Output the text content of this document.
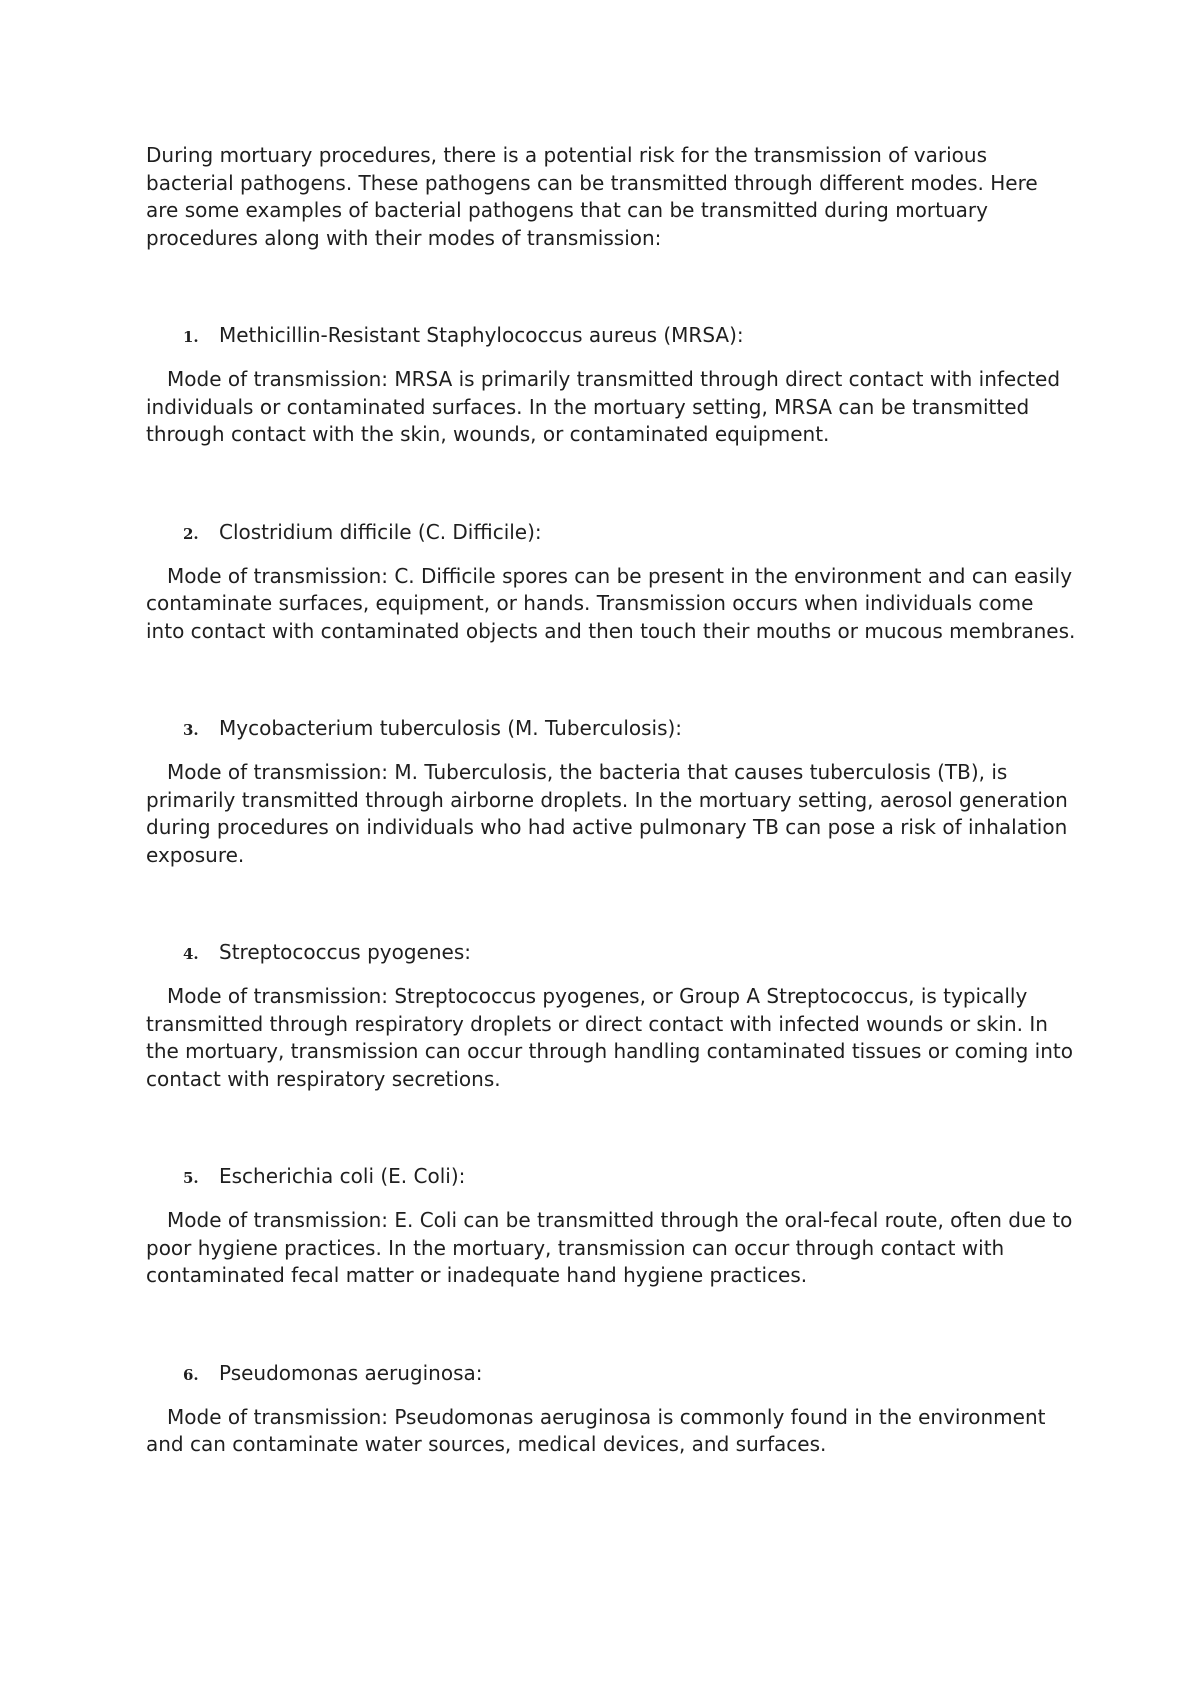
During mortuary procedures, there is a potential risk for the transmission of various bacterial pathogens. These pathogens can be transmitted through different modes. Here are some examples of bacterial pathogens that can be transmitted during mortuary procedures along with their modes of transmission:

1.	Methicillin-Resistant Staphylococcus aureus (MRSA):

Mode of transmission: MRSA is primarily transmitted through direct contact with infected individuals or contaminated surfaces. In the mortuary setting, MRSA can be transmitted through contact with the skin, wounds, or contaminated equipment.

2.	Clostridium difficile (C. Difficile):

Mode of transmission: C. Difficile spores can be present in the environment and can easily contaminate surfaces, equipment, or hands. Transmission occurs when individuals come into contact with contaminated objects and then touch their mouths or mucous membranes.

3.	Mycobacterium tuberculosis (M. Tuberculosis):

Mode of transmission: M. Tuberculosis, the bacteria that causes tuberculosis (TB), is primarily transmitted through airborne droplets. In the mortuary setting, aerosol generation during procedures on individuals who had active pulmonary TB can pose a risk of inhalation exposure.

4.	Streptococcus pyogenes:

Mode of transmission: Streptococcus pyogenes, or Group A Streptococcus, is typically transmitted through respiratory droplets or direct contact with infected wounds or skin. In the mortuary, transmission can occur through handling contaminated tissues or coming into contact with respiratory secretions.

5.	Escherichia coli (E. Coli):

Mode of transmission: E. Coli can be transmitted through the oral-fecal route, often due to poor hygiene practices. In the mortuary, transmission can occur through contact with contaminated fecal matter or inadequate hand hygiene practices.

6.	Pseudomonas aeruginosa:

Mode of transmission: Pseudomonas aeruginosa is commonly found in the environment and can contaminate water sources, medical devices, and surfaces.
